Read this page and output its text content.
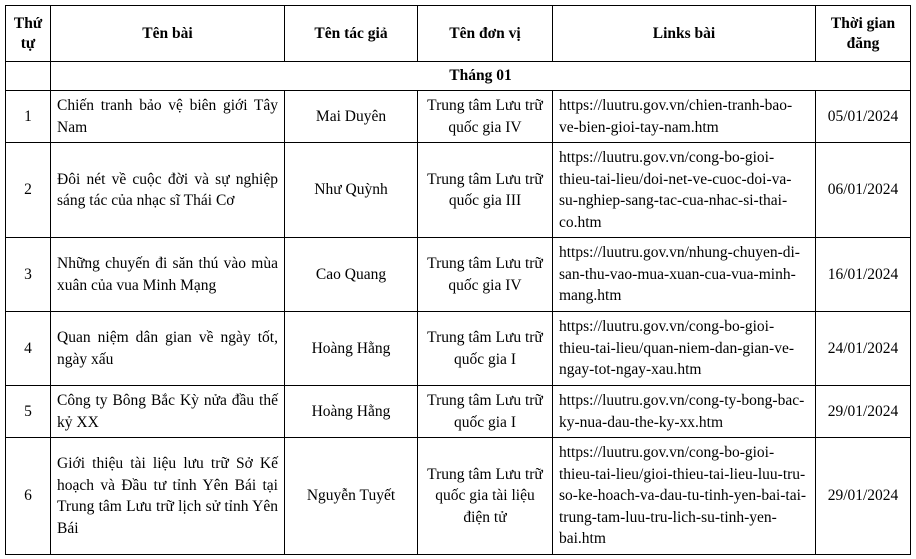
Thứ tự	Tên bài	Tên tác giả	Tên đơn vị	Links bài	Thời gian đăng
	Tháng 01				
1	Chiến tranh bảo vệ biên giới Tây Nam	Mai Duyên	Trung tâm Lưu trữ quốc gia IV	https://luutru.gov.vn/chien-tranh-bao-ve-bien-gioi-tay-nam.htm	05/01/2024
2	Đôi nét về cuộc đời và sự nghiệp sáng tác của nhạc sĩ Thái Cơ	Như Quỳnh	Trung tâm Lưu trữ quốc gia III	https://luutru.gov.vn/cong-bo-gioi-thieu-tai-lieu/doi-net-ve-cuoc-doi-va-su-nghiep-sang-tac-cua-nhac-si-thai-co.htm	06/01/2024
3	Những chuyến đi săn thú vào mùa xuân của vua Minh Mạng	Cao Quang	Trung tâm Lưu trữ quốc gia IV	https://luutru.gov.vn/nhung-chuyen-di-san-thu-vao-mua-xuan-cua-vua-minh-mang.htm	16/01/2024
4	Quan niệm dân gian về ngày tốt, ngày xấu	Hoàng Hằng	Trung tâm Lưu trữ quốc gia I	https://luutru.gov.vn/cong-bo-gioi-thieu-tai-lieu/quan-niem-dan-gian-ve-ngay-tot-ngay-xau.htm	24/01/2024
5	Công ty Bông Bắc Kỳ nửa đầu thế kỷ XX	Hoàng Hằng	Trung tâm Lưu trữ quốc gia I	https://luutru.gov.vn/cong-ty-bong-bac-ky-nua-dau-the-ky-xx.htm	29/01/2024
6	Giới thiệu tài liệu lưu trữ Sở Kế hoạch và Đầu tư tỉnh Yên Bái tại Trung tâm Lưu trữ lịch sử tỉnh Yên Bái	Nguyễn Tuyết	Trung tâm Lưu trữ quốc gia tài liệu điện tử	https://luutru.gov.vn/cong-bo-gioi-thieu-tai-lieu/gioi-thieu-tai-lieu-luu-tru-so-ke-hoach-va-dau-tu-tinh-yen-bai-tai-trung-tam-luu-tru-lich-su-tinh-yen-bai.htm	29/01/2024
